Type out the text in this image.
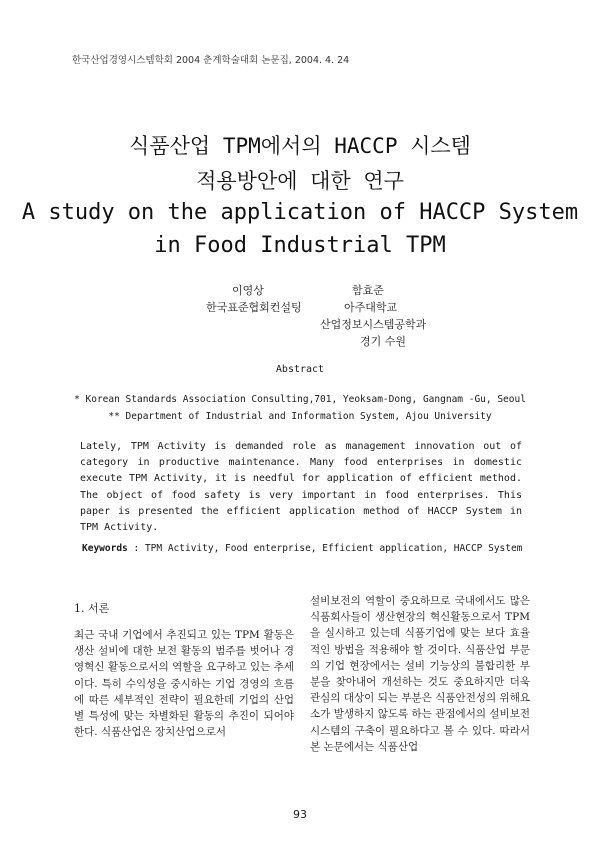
한국산업경영시스템학회 2004 춘계학술대회 논문집, 2004. 4. 24
식품산업 TPM에서의 HACCP 시스템
적용방안에 대한 연구
A study on the application of HACCP System
in Food Industrial TPM
이영상
한국표준협회컨설팅
함효준
아주대학교
산업정보시스템공학과
경기 수원
Abstract
* Korean Standards Association Consulting,701, Yeoksam-Dong, Gangnam -Gu, Seoul
** Department of Industrial and Information System, Ajou University
Lately, TPM Activity is demanded role as management innovation out of category in productive maintenance. Many food enterprises in domestic execute TPM Activity, it is needful for application of efficient method. The object of food safety is very important in food enterprises. This paper is presented the efficient application method of HACCP System in TPM Activity.
Keywords : TPM Activity, Food enterprise, Efficient application, HACCP System
1. 서론
최근 국내 기업에서 추진되고 있는 TPM 활동은 생산 설비에 대한 보전 활동의 범주를 벗어나 경영혁신 활동으로서의 역할을 요구하고 있는 추세이다. 특히 수익성을 중시하는 기업 경영의 흐름에 따른 세부적인 전략이 필요한데 기업의 산업별 특성에 맞는 차별화된 활동의 추진이 되어야 한다. 식품산업은 장치산업으로서
설비보전의 역할이 중요하므로 국내에서도 많은 식품회사들이 생산현장의 혁신활동으로서 TPM을 실시하고 있는데 식품기업에 맞는 보다 효율적인 방법을 적용해야 할 것이다. 식품산업 부문의 기업 현장에서는 설비 기능상의 불합리한 부분을 찾아내어 개선하는 것도 중요하지만 더욱 관심의 대상이 되는 부분은 식품안전성의 위해요소가 발생하지 않도록 하는 관점에서의 설비보전 시스템의 구축이 필요하다고 볼 수 있다. 따라서 본 논문에서는 식품산업
93
